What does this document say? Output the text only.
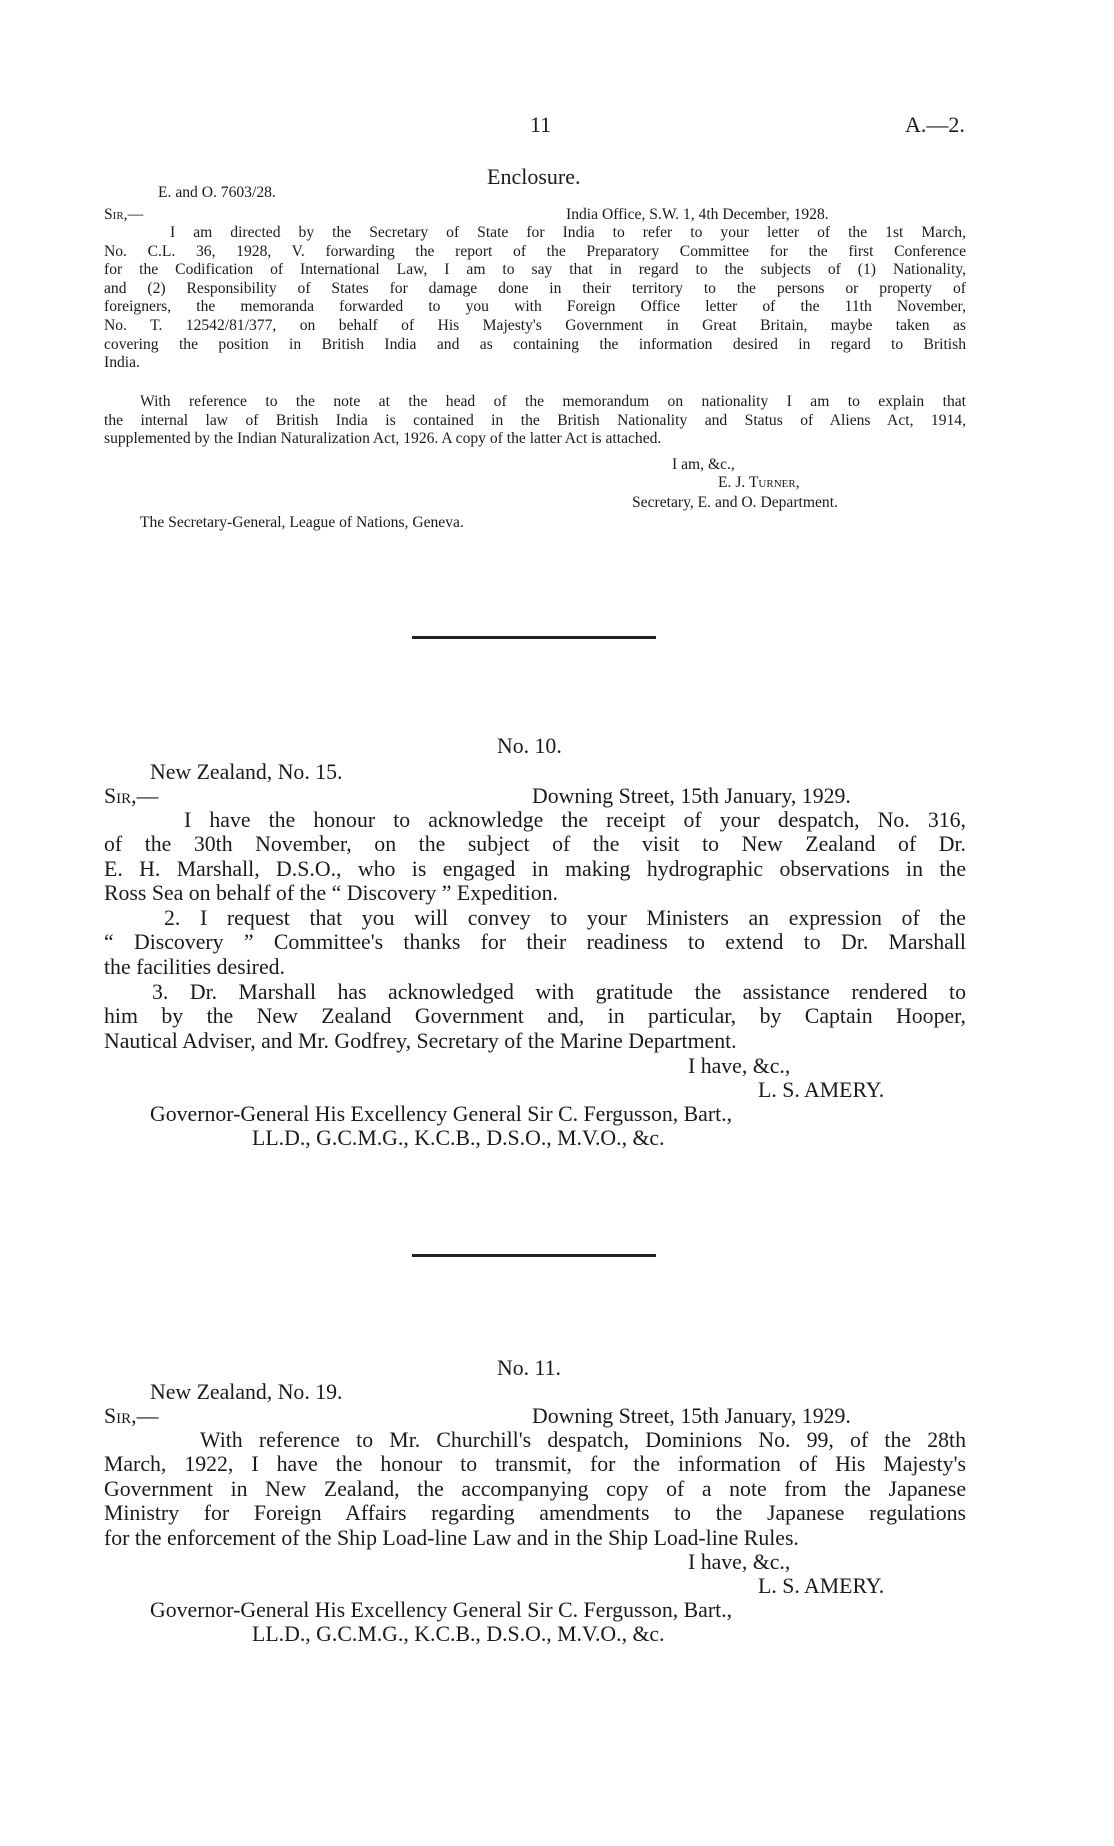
11	A.—2.
Enclosure.
E. and O. 7603/28.
Sir,—	India Office, S.W. 1, 4th December, 1928.
I am directed by the Secretary of State for India to refer to your letter of the 1st March,
No. C.L. 36, 1928, V. forwarding the report of the Preparatory Committee for the first Conference
for the Codification of International Law, I am to say that in regard to the subjects of (1) Nationality,
and (2) Responsibility of States for damage done in their territory to the persons or property of
foreigners, the memoranda forwarded to you with Foreign Office letter of the 11th November,
No. T. 12542/81/377, on behalf of His Majesty's Government in Great Britain, maybe taken as
covering the position in British India and as containing the information desired in regard to British
India.
With reference to the note at the head of the memorandum on nationality I am to explain that
the internal law of British India is contained in the British Nationality and Status of Aliens Act, 1914,
supplemented by the Indian Naturalization Act, 1926. A copy of the latter Act is attached.
I am, &c.,
E. J. Turner,
Secretary, E. and O. Department.
The Secretary-General, League of Nations, Geneva.
No. 10.
New Zealand, No. 15.
Sir,—	Downing Street, 15th January, 1929.
I have the honour to acknowledge the receipt of your despatch, No. 316,
of the 30th November, on the subject of the visit to New Zealand of Dr.
E. H. Marshall, D.S.O., who is engaged in making hydrographic observations in the
Ross Sea on behalf of the “ Discovery ” Expedition.
2. I request that you will convey to your Ministers an expression of the
“ Discovery ” Committee's thanks for their readiness to extend to Dr. Marshall
the facilities desired.
3. Dr. Marshall has acknowledged with gratitude the assistance rendered to
him by the New Zealand Government and, in particular, by Captain Hooper,
Nautical Adviser, and Mr. Godfrey, Secretary of the Marine Department.
I have, &c.,
L. S. AMERY.
Governor-General His Excellency General Sir C. Fergusson, Bart.,
LL.D., G.C.M.G., K.C.B., D.S.O., M.V.O., &c.
No. 11.
New Zealand, No. 19.
Sir,—	Downing Street, 15th January, 1929.
With reference to Mr. Churchill's despatch, Dominions No. 99, of the 28th
March, 1922, I have the honour to transmit, for the information of His Majesty's
Government in New Zealand, the accompanying copy of a note from the Japanese
Ministry for Foreign Affairs regarding amendments to the Japanese regulations
for the enforcement of the Ship Load-line Law and in the Ship Load-line Rules.
I have, &c.,
L. S. AMERY.
Governor-General His Excellency General Sir C. Fergusson, Bart.,
LL.D., G.C.M.G., K.C.B., D.S.O., M.V.O., &c.
